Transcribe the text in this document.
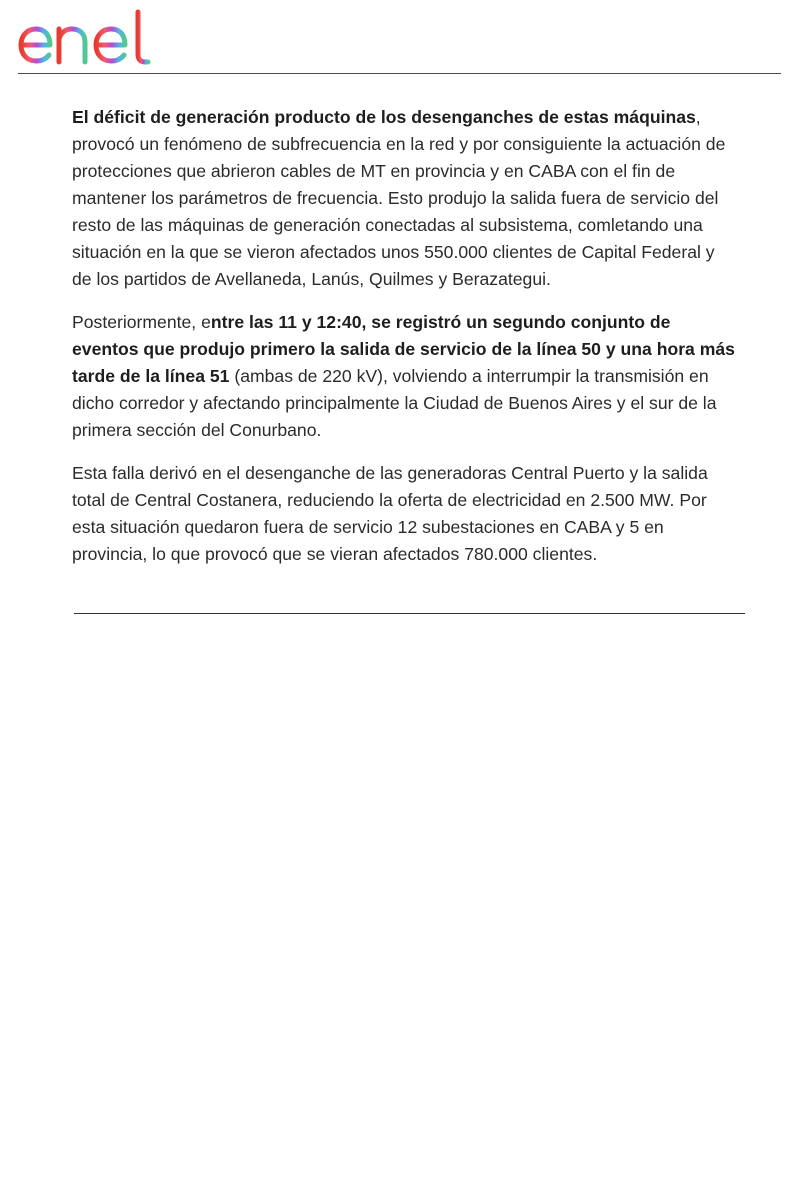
El déficit de generación producto de los desenganches de estas máquinas, provocó un fenómeno de subfrecuencia en la red y por consiguiente la actuación de protecciones que abrieron cables de MT en provincia y en CABA con el fin de mantener los parámetros de frecuencia. Esto produjo la salida fuera de servicio del resto de las máquinas de generación conectadas al subsistema, comletando una situación en la que se vieron afectados unos 550.000 clientes de Capital Federal y de los partidos de Avellaneda, Lanús, Quilmes y Berazategui.

Posteriormente, entre las 11 y 12:40, se registró un segundo conjunto de eventos que produjo primero la salida de servicio de la línea 50 y una hora más tarde de la línea 51 (ambas de 220 kV), volviendo a interrumpir la transmisión en dicho corredor y afectando principalmente la Ciudad de Buenos Aires y el sur de la primera sección del Conurbano.

Esta falla derivó en el desenganche de las generadoras Central Puerto y la salida total de Central Costanera, reduciendo la oferta de electricidad en 2.500 MW. Por esta situación quedaron fuera de servicio 12 subestaciones en CABA y 5 en provincia, lo que provocó que se vieran afectados 780.000 clientes.
